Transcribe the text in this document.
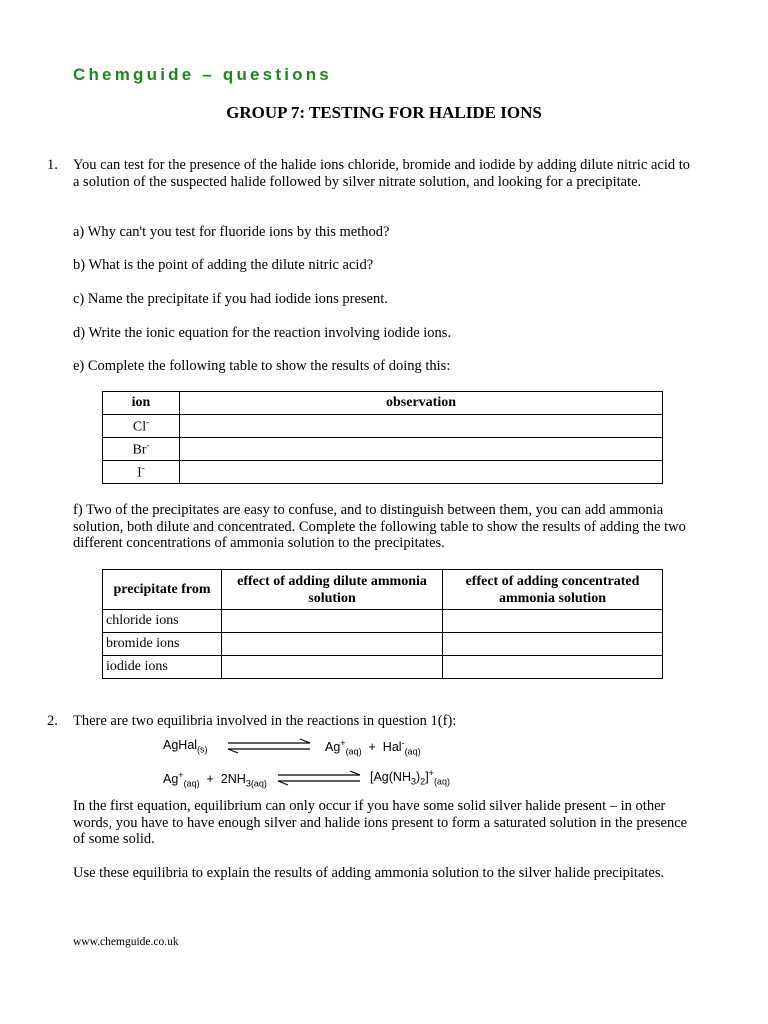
Chemguide – questions
GROUP 7: TESTING FOR HALIDE IONS
1. You can test for the presence of the halide ions chloride, bromide and iodide by adding dilute nitric acid to a solution of the suspected halide followed by silver nitrate solution, and looking for a precipitate.
a) Why can't you test for fluoride ions by this method?
b) What is the point of adding the dilute nitric acid?
c) Name the precipitate if you had iodide ions present.
d) Write the ionic equation for the reaction involving iodide ions.
e) Complete the following table to show the results of doing this:
ion	observation
Cl-	
Br-	
I-	
f) Two of the precipitates are easy to confuse, and to distinguish between them, you can add ammonia solution, both dilute and concentrated. Complete the following table to show the results of adding the two different concentrations of ammonia solution to the precipitates.
precipitate from	effect of adding dilute ammonia solution	effect of adding concentrated ammonia solution
chloride ions		
bromide ions		
iodide ions		
2. There are two equilibria involved in the reactions in question 1(f):
AgHal$_{(s)}$	$Ag^+_{(aq)} + Hal^-_{(aq)}$
$Ag^+_{(aq)} + 2NH_{3(aq)}$	$[Ag(NH_3)_2]^+_{(aq)}$
In the first equation, equilibrium can only occur if you have some solid silver halide present – in other words, you have to have enough silver and halide ions present to form a saturated solution in the presence of some solid.
Use these equilibria to explain the results of adding ammonia solution to the silver halide precipitates.
www.chemguide.co.uk
